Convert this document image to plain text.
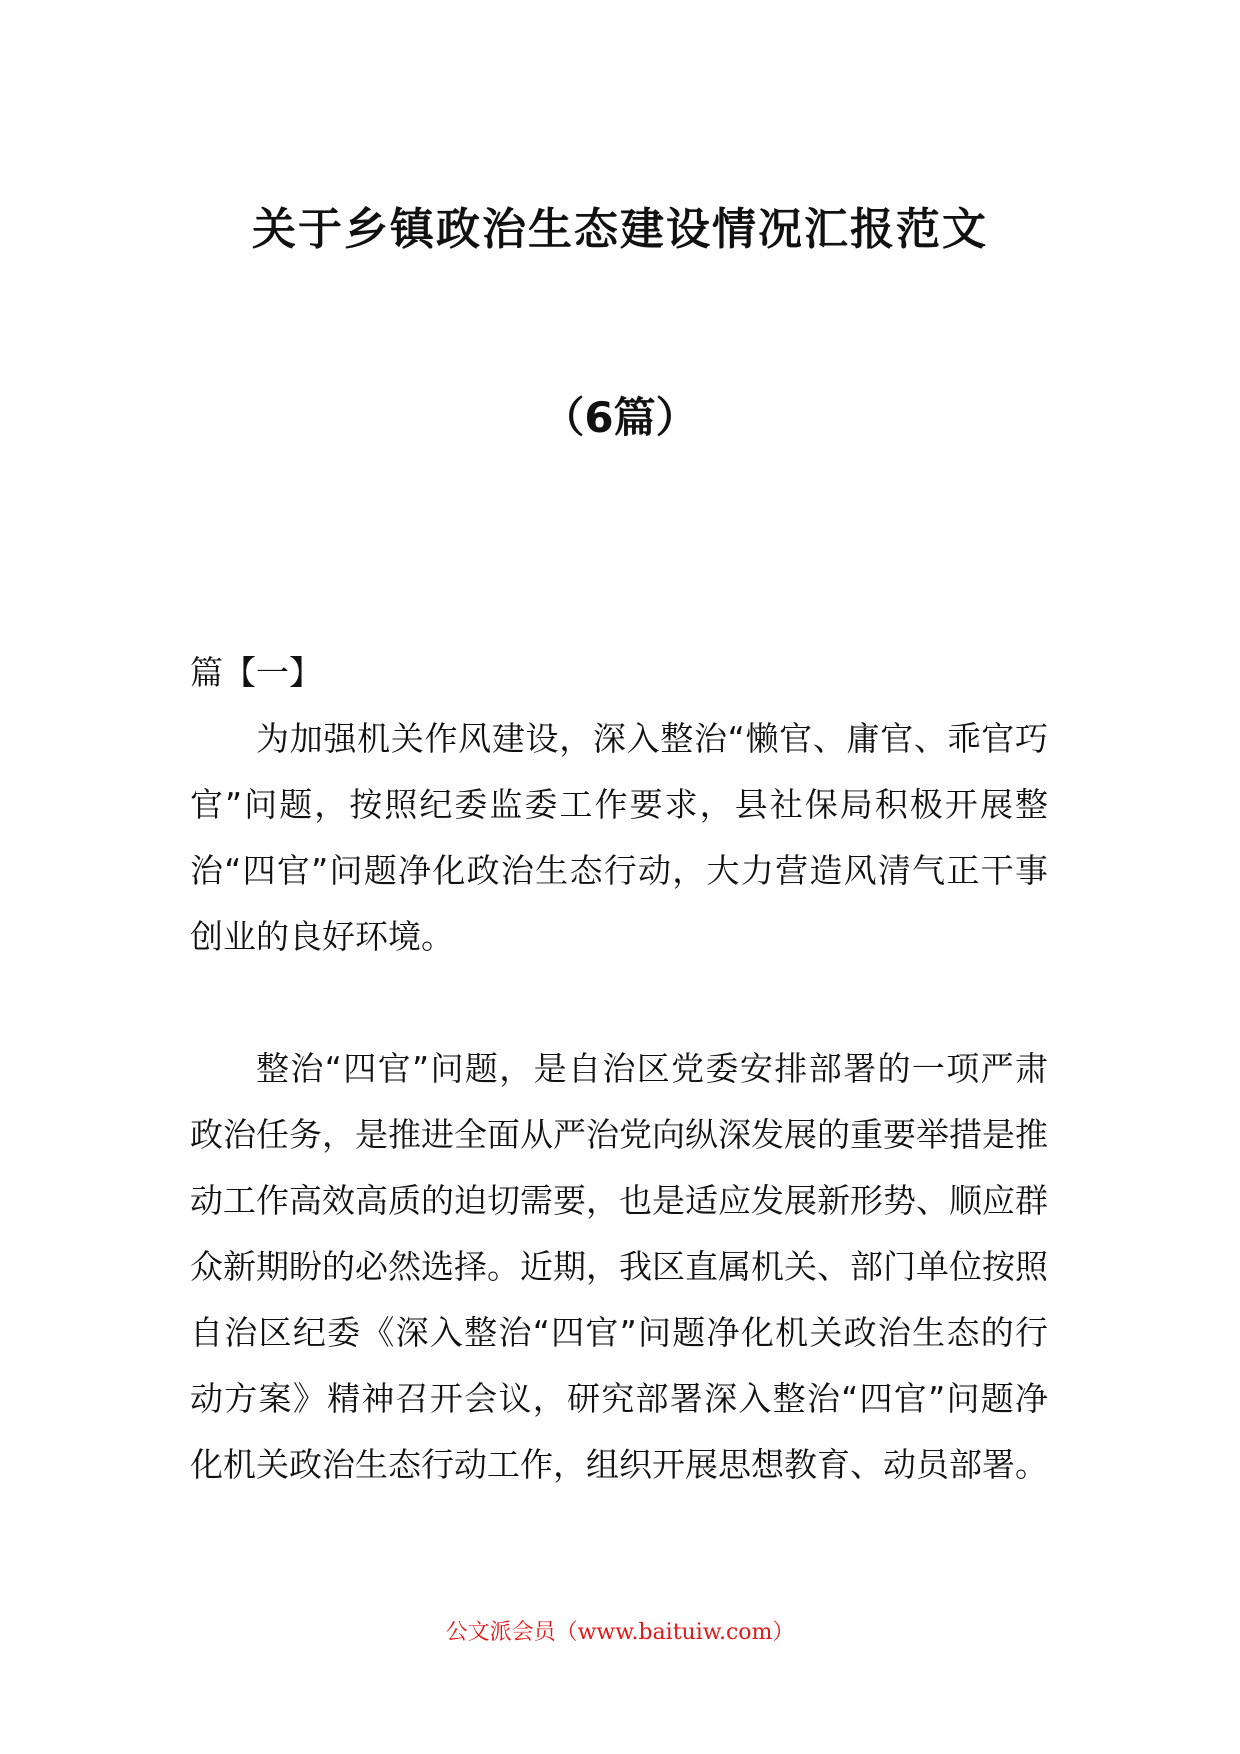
关于乡镇政治生态建设情况汇报范文
（6篇）

篇【一】

为加强机关作风建设，深入整治“懒官、庸官、乖官巧官”问题，按照纪委监委工作要求，县社保局积极开展整治“四官”问题净化政治生态行动，大力营造风清气正干事创业的良好环境。

整治“四官”问题，是自治区党委安排部署的一项严肃政治任务，是推进全面从严治党向纵深发展的重要举措是推动工作高效高质的迫切需要，也是适应发展新形势、顺应群众新期盼的必然选择。近期，我区直属机关、部门单位按照自治区纪委《深入整治“四官”问题净化机关政治生态的行动方案》精神召开会议，研究部署深入整治“四官”问题净化机关政治生态行动工作，组织开展思想教育、动员部署。

公文派会员（www.baituiw.com）
